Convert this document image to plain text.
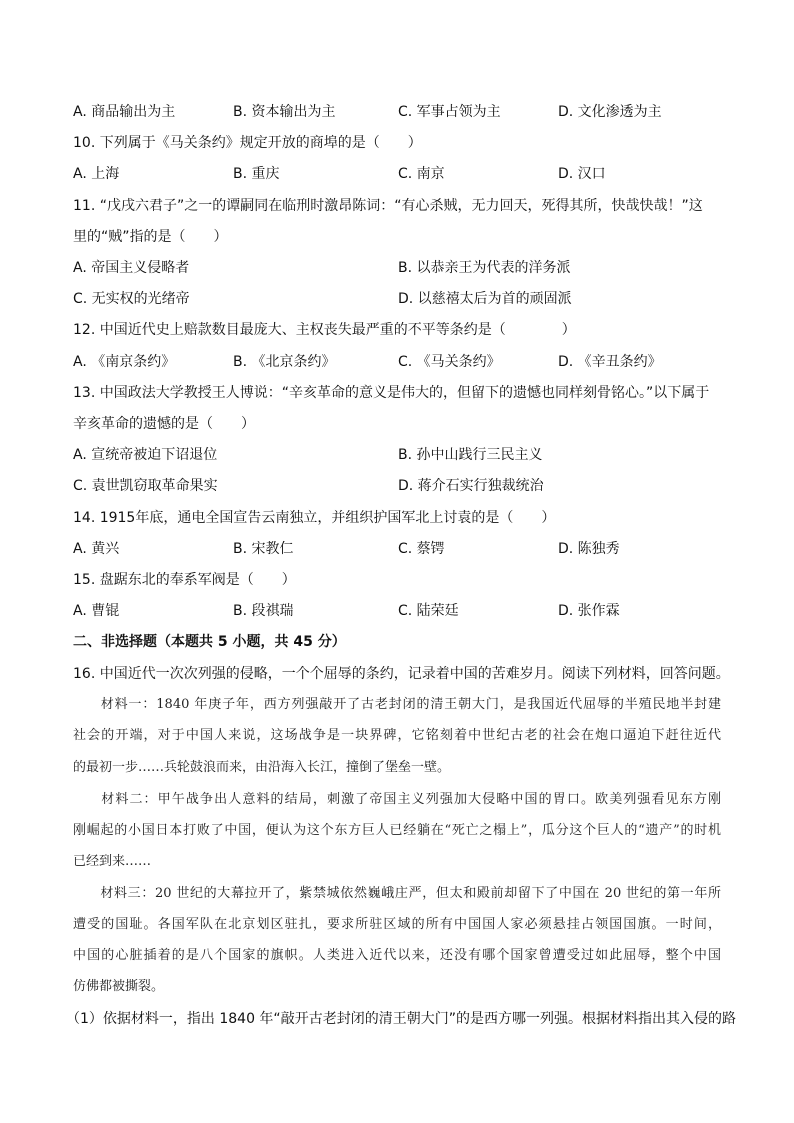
A. 商品输出为主	B. 资本输出为主	C. 军事占领为主	D. 文化渗透为主
10. 下列属于《马关条约》规定开放的商埠的是（　　）
A. 上海	B. 重庆	C. 南京	D. 汉口
11. “戊戌六君子”之一的谭嗣同在临刑时激昂陈词：“有心杀贼，无力回天，死得其所，快哉快哉！”这
里的“贼”指的是（　　）
A. 帝国主义侵略者	B. 以恭亲王为代表的洋务派
C. 无实权的光绪帝	D. 以慈禧太后为首的顽固派
12. 中国近代史上赔款数目最庞大、主权丧失最严重的不平等条约是（　　　　）
A. 《南京条约》	B. 《北京条约》	C. 《马关条约》	D. 《辛丑条约》
13. 中国政法大学教授王人博说：“辛亥革命的意义是伟大的，但留下的遗憾也同样刻骨铭心。”以下属于
辛亥革命的遗憾的是（　　）
A. 宣统帝被迫下诏退位	B. 孙中山践行三民主义
C. 袁世凯窃取革命果实	D. 蒋介石实行独裁统治
14. 1915年底，通电全国宣告云南独立，并组织护国军北上讨袁的是（　　）
A. 黄兴	B. 宋教仁	C. 蔡锷	D. 陈独秀
15. 盘踞东北的奉系军阀是（　　）
A. 曹锟	B. 段祺瑞	C. 陆荣廷	D. 张作霖
二、非选择题（本题共 5 小题，共 45 分）
16. 中国近代一次次列强的侵略，一个个屈辱的条约，记录着中国的苦难岁月。阅读下列材料，回答问题。
　　材料一：1840 年庚子年，西方列强敲开了古老封闭的清王朝大门，是我国近代屈辱的半殖民地半封建
社会的开端，对于中国人来说，这场战争是一块界碑，它铭刻着中世纪古老的社会在炮口逼迫下赶往近代
的最初一步……兵轮鼓浪而来，由沿海入长江，撞倒了堡垒一壁。
　　材料二：甲午战争出人意料的结局，刺激了帝国主义列强加大侵略中国的胃口。欧美列强看见东方刚
刚崛起的小国日本打败了中国，便认为这个东方巨人已经躺在“死亡之榻上”，瓜分这个巨人的“遗产”的时机
已经到来……
　　材料三：20 世纪的大幕拉开了，紫禁城依然巍峨庄严，但太和殿前却留下了中国在 20 世纪的第一年所
遭受的国耻。各国军队在北京划区驻扎，要求所驻区域的所有中国国人家必须悬挂占领国国旗。一时间，
中国的心脏插着的是八个国家的旗帜。人类进入近代以来，还没有哪个国家曾遭受过如此屈辱，整个中国
仿佛都被撕裂。
（1）依据材料一，指出 1840 年“敲开古老封闭的清王朝大门”的是西方哪一列强。根据材料指出其入侵的路
